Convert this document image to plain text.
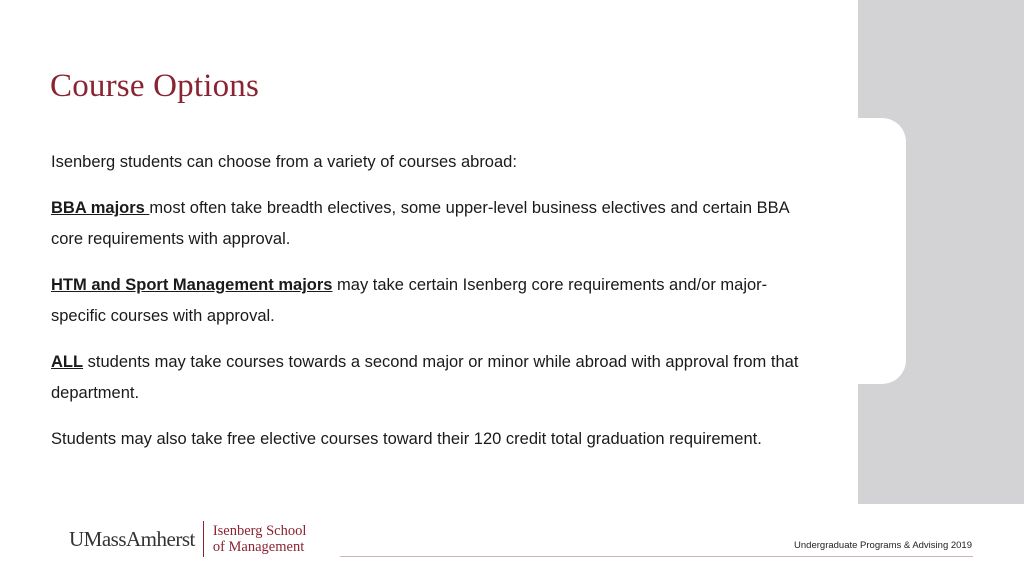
Course Options

Isenberg students can choose from a variety of courses abroad:

BBA majors most often take breadth electives, some upper-level business electives and certain BBA core requirements with approval.

HTM and Sport Management majors may take certain Isenberg core requirements and/or major-specific courses with approval.

ALL students may take courses towards a second major or minor while abroad with approval from that department.

Students may also take free elective courses toward their 120 credit total graduation requirement.

UMassAmherst Isenberg School
of Management	Undergraduate Programs & Advising 2019
